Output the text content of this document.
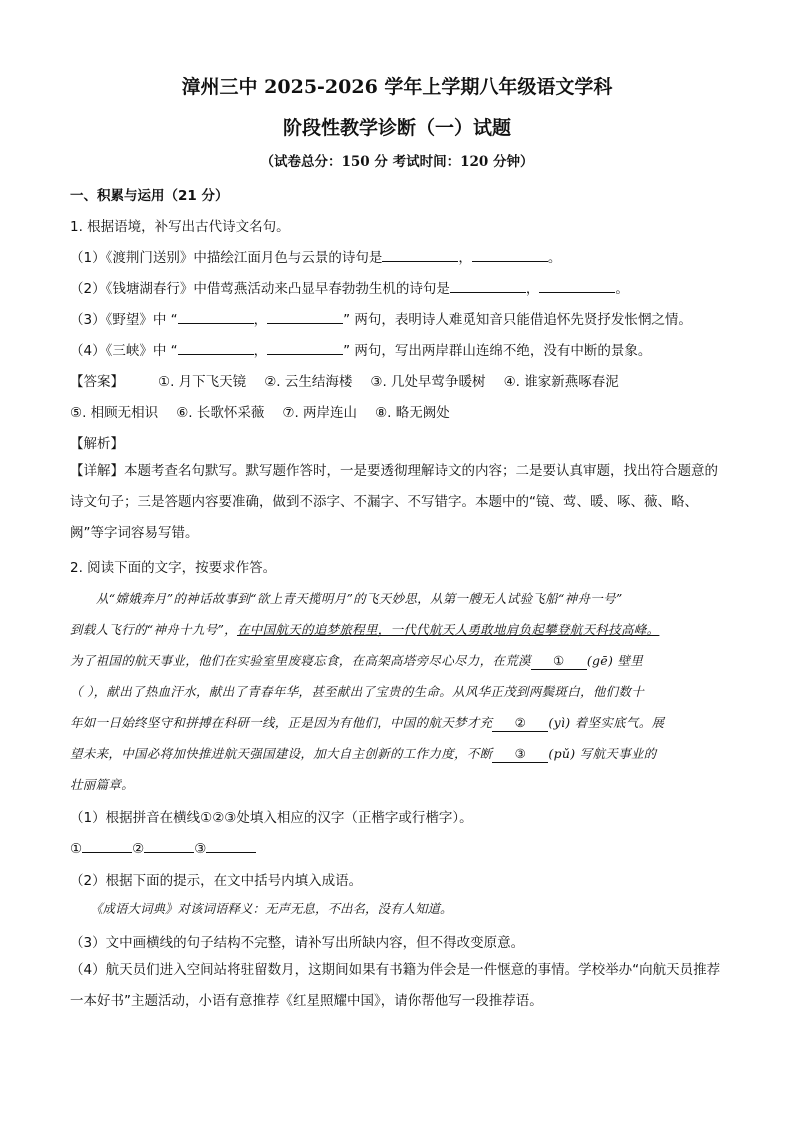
漳州三中 2025-2026 学年上学期八年级语文学科
阶段性教学诊断（一）试题
（试卷总分：150 分 考试时间：120 分钟）
一、积累与运用（21 分）
1. 根据语境，补写出古代诗文名句。
（1）《渡荆门送别》中描绘江面月色与云景的诗句是	，	。
（2）《钱塘湖春行》中借莺燕活动来凸显早春勃勃生机的诗句是	，	。
（3）《野望》中 “	，	” 两句，表明诗人难觅知音只能借追怀先贤抒发怅惘之情。
（4）《三峡》中 “	，	” 两句，写出两岸群山连绵不绝，没有中断的景象。
【答案】	①. 月下飞天镜 ②. 云生结海楼 ③. 几处早莺争暖树 ④. 谁家新燕啄春泥
⑤. 相顾无相识 ⑥. 长歌怀采薇 ⑦. 两岸连山 ⑧. 略无阙处
【解析】
【详解】本题考查名句默写。默写题作答时，一是要透彻理解诗文的内容；二是要认真审题，找出符合题意的诗文句子；三是答题内容要准确，做到不添字、不漏字、不写错字。本题中的“镜、莺、暖、啄、薇、略、阙”等字词容易写错。
2. 阅读下面的文字，按要求作答。
从“嫦娥奔月”的神话故事到“欲上青天揽明月”的飞天妙思，从第一艘无人试验飞船“神舟一号”
到载人飞行的“神舟十九号”，在中国航天的追梦旅程里，一代代航天人勇敢地肩负起攀登航天科技高峰。
为了祖国的航天事业，他们在实验室里废寝忘食，在高架高塔旁尽心尽力，在荒漠 ① (gē) 壁里
（ ），献出了热血汗水，献出了青春年华，甚至献出了宝贵的生命。从风华正茂到两鬓斑白，他们数十
年如一日始终坚守和拼搏在科研一线，正是因为有他们，中国的航天梦才充 ② (yì) 着坚实底气。展
望未来，中国必将加快推进航天强国建设，加大自主创新的工作力度，不断 ③ (pǔ) 写航天事业的
壮丽篇章。
（1）根据拼音在横线①②③处填入相应的汉字（正楷字或行楷字）。
①	②	③
（2）根据下面的提示，在文中括号内填入成语。
《成语大词典》对该词语释义：无声无息，不出名，没有人知道。
（3）文中画横线的句子结构不完整，请补写出所缺内容，但不得改变原意。
（4）航天员们进入空间站将驻留数月，这期间如果有书籍为伴会是一件惬意的事情。学校举办“向航天员推荐一本好书”主题活动，小语有意推荐《红星照耀中国》，请你帮他写一段推荐语。
